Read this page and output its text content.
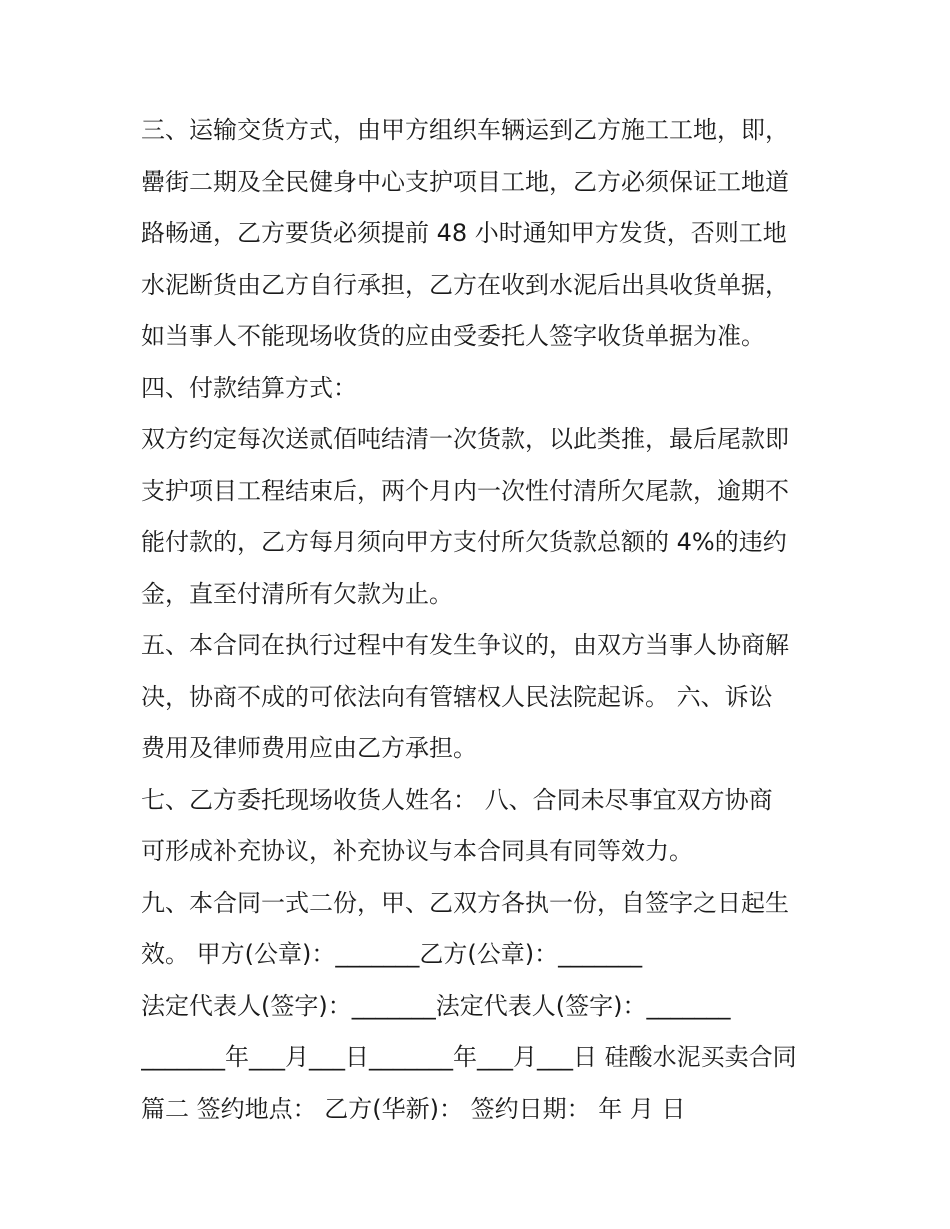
三、运输交货方式，由甲方组织车辆运到乙方施工工地，即，
罍街二期及全民健身中心支护项目工地，乙方必须保证工地道
路畅通，乙方要货必须提前 48 小时通知甲方发货，否则工地
水泥断货由乙方自行承担，乙方在收到水泥后出具收货单据，
如当事人不能现场收货的应由受委托人签字收货单据为准。
四、付款结算方式：
双方约定每次送贰佰吨结清一次货款，以此类推，最后尾款即
支护项目工程结束后，两个月内一次性付清所欠尾款，逾期不
能付款的，乙方每月须向甲方支付所欠货款总额的 4%的违约
金，直至付清所有欠款为止。
五、本合同在执行过程中有发生争议的，由双方当事人协商解
决，协商不成的可依法向有管辖权人民法院起诉。 六、诉讼
费用及律师费用应由乙方承担。
七、乙方委托现场收货人姓名： 八、合同未尽事宜双方协商
可形成补充协议，补充协议与本合同具有同等效力。
九、本合同一式二份，甲、乙双方各执一份，自签字之日起生
效。 甲方(公章)：_______乙方(公章)：_______
法定代表人(签字)：_______法定代表人(签字)：_______
_______年___月___日_______年___月___日 硅酸水泥买卖合同
篇二 签约地点： 乙方(华新)： 签约日期： 年 月 日
